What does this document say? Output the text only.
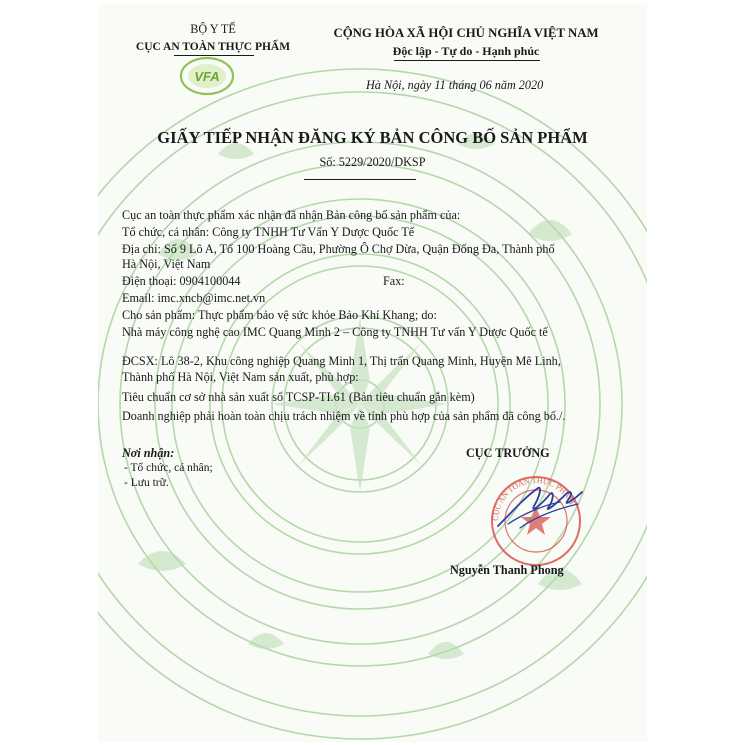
BỘ Y TẾ
CỤC AN TOÀN THỰC PHẨM
VFA
CỘNG HÒA XÃ HỘI CHỦ NGHĨA VIỆT NAM
Độc lập - Tự do - Hạnh phúc
Hà Nội, ngày 11 tháng 06 năm 2020
GIẤY TIẾP NHẬN ĐĂNG KÝ BẢN CÔNG BỐ SẢN PHẨM
Số: 5229/2020/DKSP
Cục an toàn thực phẩm xác nhận đã nhận Bản công bố sản phẩm của:
Tổ chức, cá nhân: Công ty TNHH Tư Vấn Y Dược Quốc Tế
Địa chỉ: Số 9 Lô A, Tổ 100 Hoàng Cầu, Phường Ô Chợ Dừa, Quận Đống Đa, Thành phố
Hà Nội, Việt Nam
Điện thoại: 0904100044	Fax:
Email: imc.xncb@imc.net.vn
Cho sản phẩm: Thực phẩm bảo vệ sức khỏe Bảo Khí Khang; do:
Nhà máy công nghệ cao IMC Quang Minh 2 – Công ty TNHH Tư vấn Y Dược Quốc tế
ĐCSX: Lô 38-2, Khu công nghiệp Quang Minh 1, Thị trấn Quang Minh, Huyện Mê Linh,
Thành phố Hà Nội, Việt Nam sản xuất, phù hợp:
Tiêu chuẩn cơ sở nhà sản xuất số TCSP-TI.61 (Bản tiêu chuẩn gắn kèm)
Doanh nghiệp phải hoàn toàn chịu trách nhiệm về tính phù hợp của sản phẩm đã công bố./.
Nơi nhận:
- Tổ chức, cá nhân;
- Lưu trữ.
CỤC TRƯỞNG
CỤC AN TOÀN THỰC PHẨM
Nguyễn Thanh Phong
